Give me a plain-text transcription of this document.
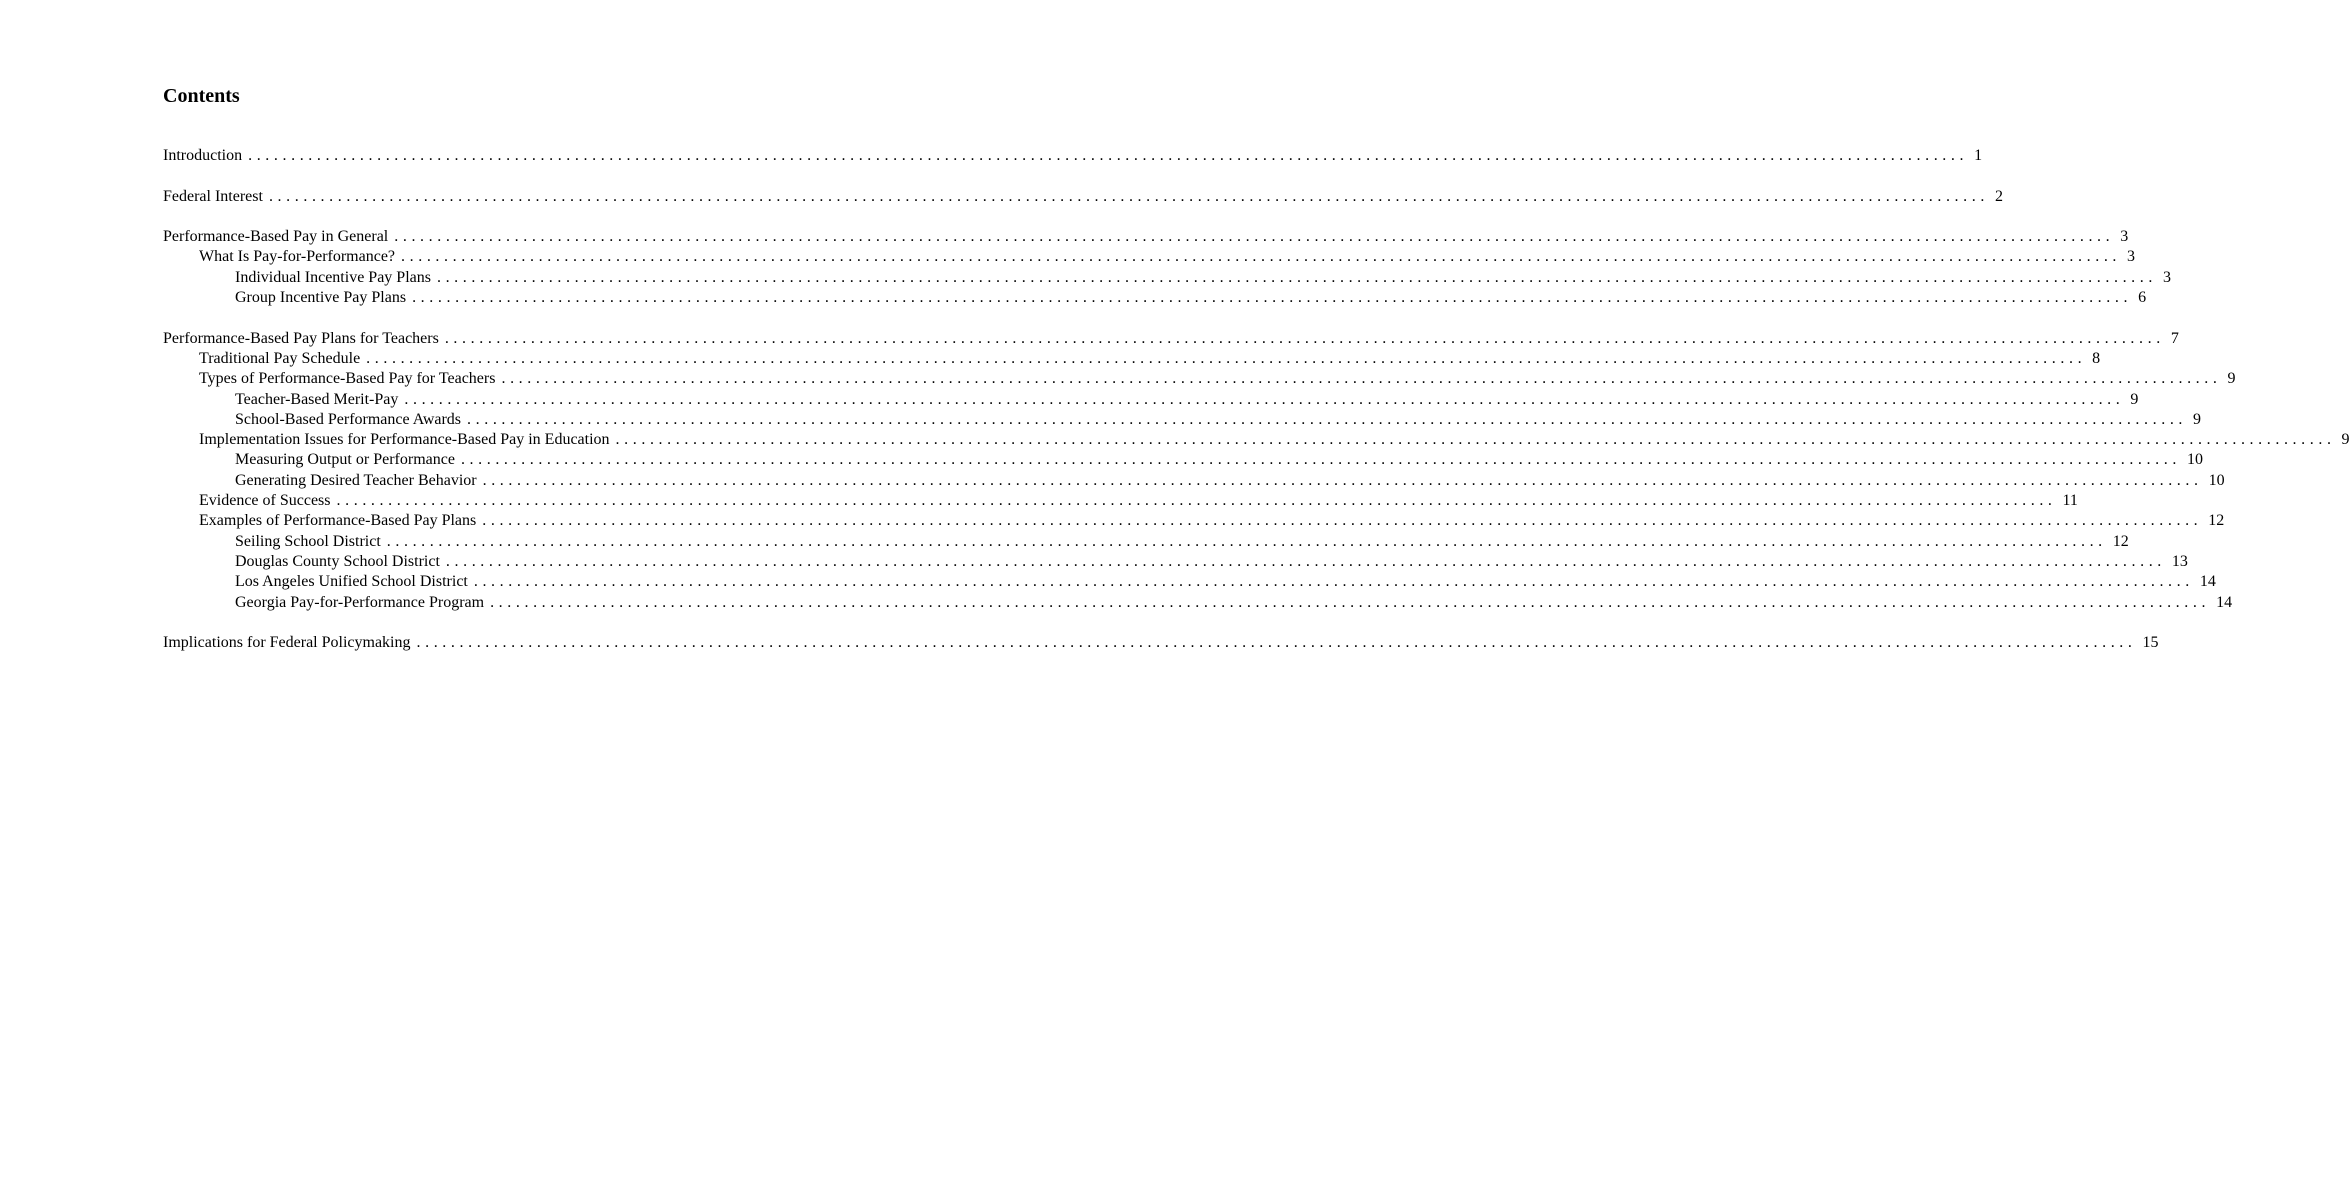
Contents
Introduction ........................................................................................................................................................................................................ 1
Federal Interest ........................................................................................................................................................................................................ 2
Performance-Based Pay in General ........................................................................................................................................................................................................ 3
What Is Pay-for-Performance? ........................................................................................................................................................................................................ 3
Individual Incentive Pay Plans ........................................................................................................................................................................................................ 3
Group Incentive Pay Plans ........................................................................................................................................................................................................ 6
Performance-Based Pay Plans for Teachers ........................................................................................................................................................................................................ 7
Traditional Pay Schedule ........................................................................................................................................................................................................ 8
Types of Performance-Based Pay for Teachers ........................................................................................................................................................................................................ 9
Teacher-Based Merit-Pay ........................................................................................................................................................................................................ 9
School-Based Performance Awards ........................................................................................................................................................................................................ 9
Implementation Issues for Performance-Based Pay in Education ........................................................................................................................................................................................................ 9
Measuring Output or Performance ........................................................................................................................................................................................................ 10
Generating Desired Teacher Behavior ........................................................................................................................................................................................................ 10
Evidence of Success ........................................................................................................................................................................................................ 11
Examples of Performance-Based Pay Plans ........................................................................................................................................................................................................ 12
Seiling School District ........................................................................................................................................................................................................ 12
Douglas County School District ........................................................................................................................................................................................................ 13
Los Angeles Unified School District ........................................................................................................................................................................................................ 14
Georgia Pay-for-Performance Program ........................................................................................................................................................................................................ 14
Implications for Federal Policymaking ........................................................................................................................................................................................................ 15
